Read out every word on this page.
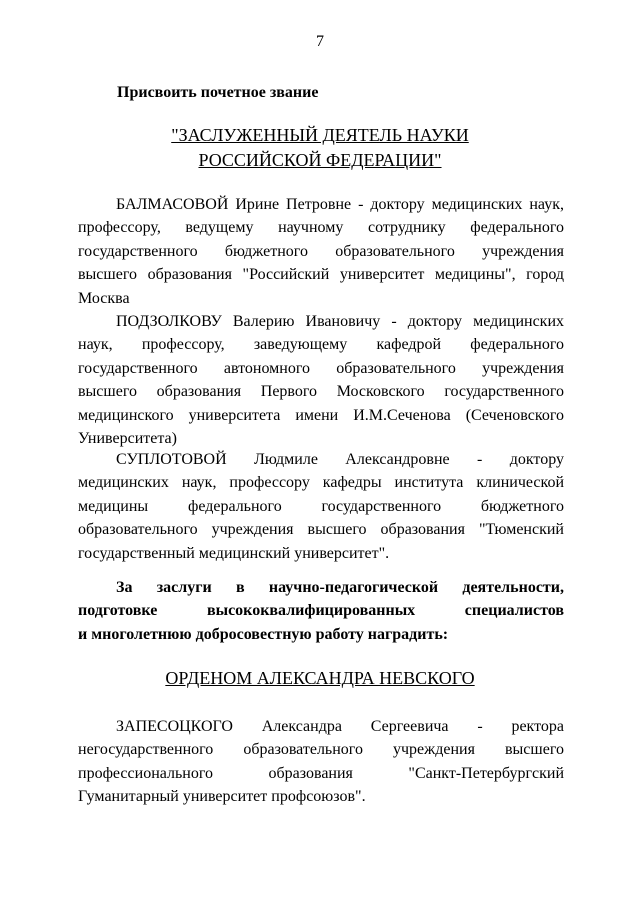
7
Присвоить почетное звание
"ЗАСЛУЖЕННЫЙ ДЕЯТЕЛЬ НАУКИ
РОССИЙСКОЙ ФЕДЕРАЦИИ"
БАЛМАСОВОЙ Ирине Петровне - доктору медицинских наук,
профессору, ведущему научному сотруднику федерального
государственного бюджетного образовательного учреждения
высшего образования "Российский университет медицины", город
Москва
ПОДЗОЛКОВУ Валерию Ивановичу - доктору медицинских
наук, профессору, заведующему кафедрой федерального
государственного автономного образовательного учреждения
высшего образования Первого Московского государственного
медицинского университета имени И.М.Сеченова (Сеченовского
Университета)
СУПЛОТОВОЙ Людмиле Александровне - доктору
медицинских наук, профессору кафедры института клинической
медицины федерального государственного бюджетного
образовательного учреждения высшего образования "Тюменский
государственный медицинский университет".
За заслуги в научно-педагогической деятельности,
подготовке высококвалифицированных специалистов
и многолетнюю добросовестную работу наградить:
ОРДЕНОМ АЛЕКСАНДРА НЕВСКОГО
ЗАПЕСОЦКОГО Александра Сергеевича - ректора
негосударственного образовательного учреждения высшего
профессионального образования "Санкт-Петербургский
Гуманитарный университет профсоюзов".
